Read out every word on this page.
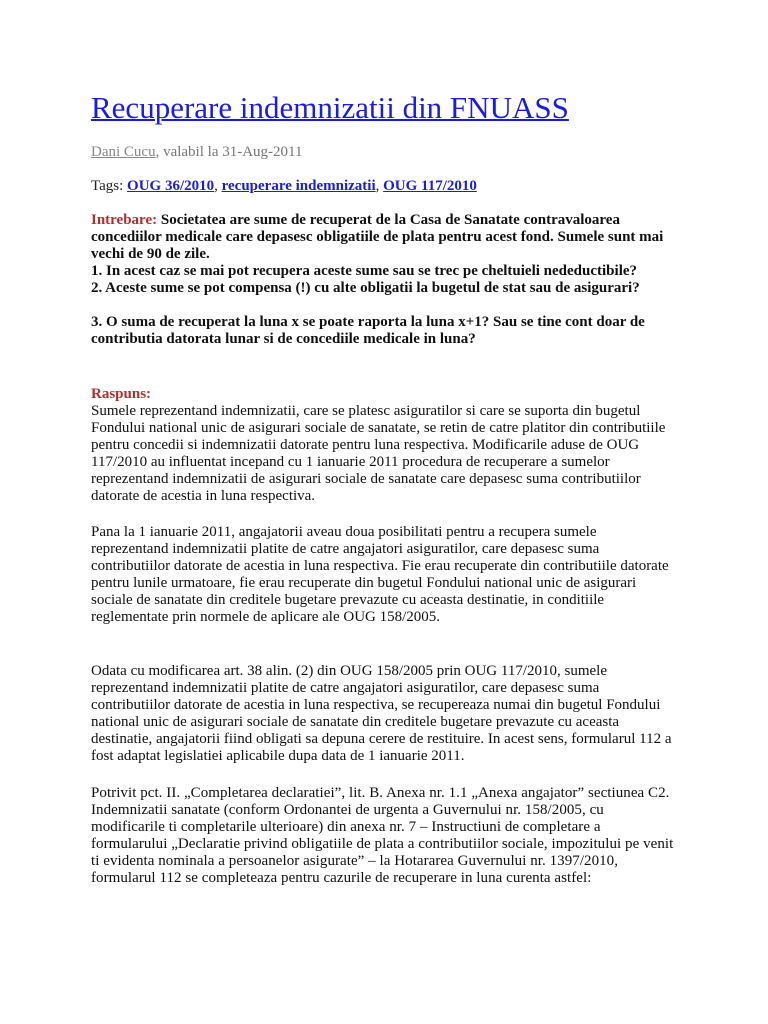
Recuperare indemnizatii din FNUASS
Dani Cucu, valabil la 31-Aug-2011
Tags: OUG 36/2010, recuperare indemnizatii, OUG 117/2010
Intrebare: Societatea are sume de recuperat de la Casa de Sanatate contravaloarea
concediilor medicale care depasesc obligatiile de plata pentru acest fond. Sumele sunt mai
vechi de 90 de zile.
1. In acest caz se mai pot recupera aceste sume sau se trec pe cheltuieli nedeductibile?
2. Aceste sume se pot compensa (!) cu alte obligatii la bugetul de stat sau de asigurari?

3. O suma de recuperat la luna x se poate raporta la luna x+1? Sau se tine cont doar de
contributia datorata lunar si de concediile medicale in luna?
Raspuns:
Sumele reprezentand indemnizatii, care se platesc asiguratilor si care se suporta din bugetul
Fondului national unic de asigurari sociale de sanatate, se retin de catre platitor din contributiile
pentru concedii si indemnizatii datorate pentru luna respectiva. Modificarile aduse de OUG
117/2010 au influentat incepand cu 1 ianuarie 2011 procedura de recuperare a sumelor
reprezentand indemnizatii de asigurari sociale de sanatate care depasesc suma contributiilor
datorate de acestia in luna respectiva.
Pana la 1 ianuarie 2011, angajatorii aveau doua posibilitati pentru a recupera sumele
reprezentand indemnizatii platite de catre angajatori asiguratilor, care depasesc suma
contributiilor datorate de acestia in luna respectiva. Fie erau recuperate din contributiile datorate
pentru lunile urmatoare, fie erau recuperate din bugetul Fondului national unic de asigurari
sociale de sanatate din creditele bugetare prevazute cu aceasta destinatie, in conditiile
reglementate prin normele de aplicare ale OUG 158/2005.
Odata cu modificarea art. 38 alin. (2) din OUG 158/2005 prin OUG 117/2010, sumele
reprezentand indemnizatii platite de catre angajatori asiguratilor, care depasesc suma
contributiilor datorate de acestia in luna respectiva, se recupereaza numai din bugetul Fondului
national unic de asigurari sociale de sanatate din creditele bugetare prevazute cu aceasta
destinatie, angajatorii fiind obligati sa depuna cerere de restituire. In acest sens, formularul 112 a
fost adaptat legislatiei aplicabile dupa data de 1 ianuarie 2011.
Potrivit pct. II. „Completarea declaratiei”, lit. B. Anexa nr. 1.1 „Anexa angajator” sectiunea C2.
Indemnizatii sanatate (conform Ordonantei de urgenta a Guvernului nr. 158/2005, cu
modificarile ti completarile ulterioare) din anexa nr. 7 – Instructiuni de completare a
formularului „Declaratie privind obligatiile de plata a contributiilor sociale, impozitului pe venit
ti evidenta nominala a persoanelor asigurate” – la Hotararea Guvernului nr. 1397/2010,
formularul 112 se completeaza pentru cazurile de recuperare in luna curenta astfel:
